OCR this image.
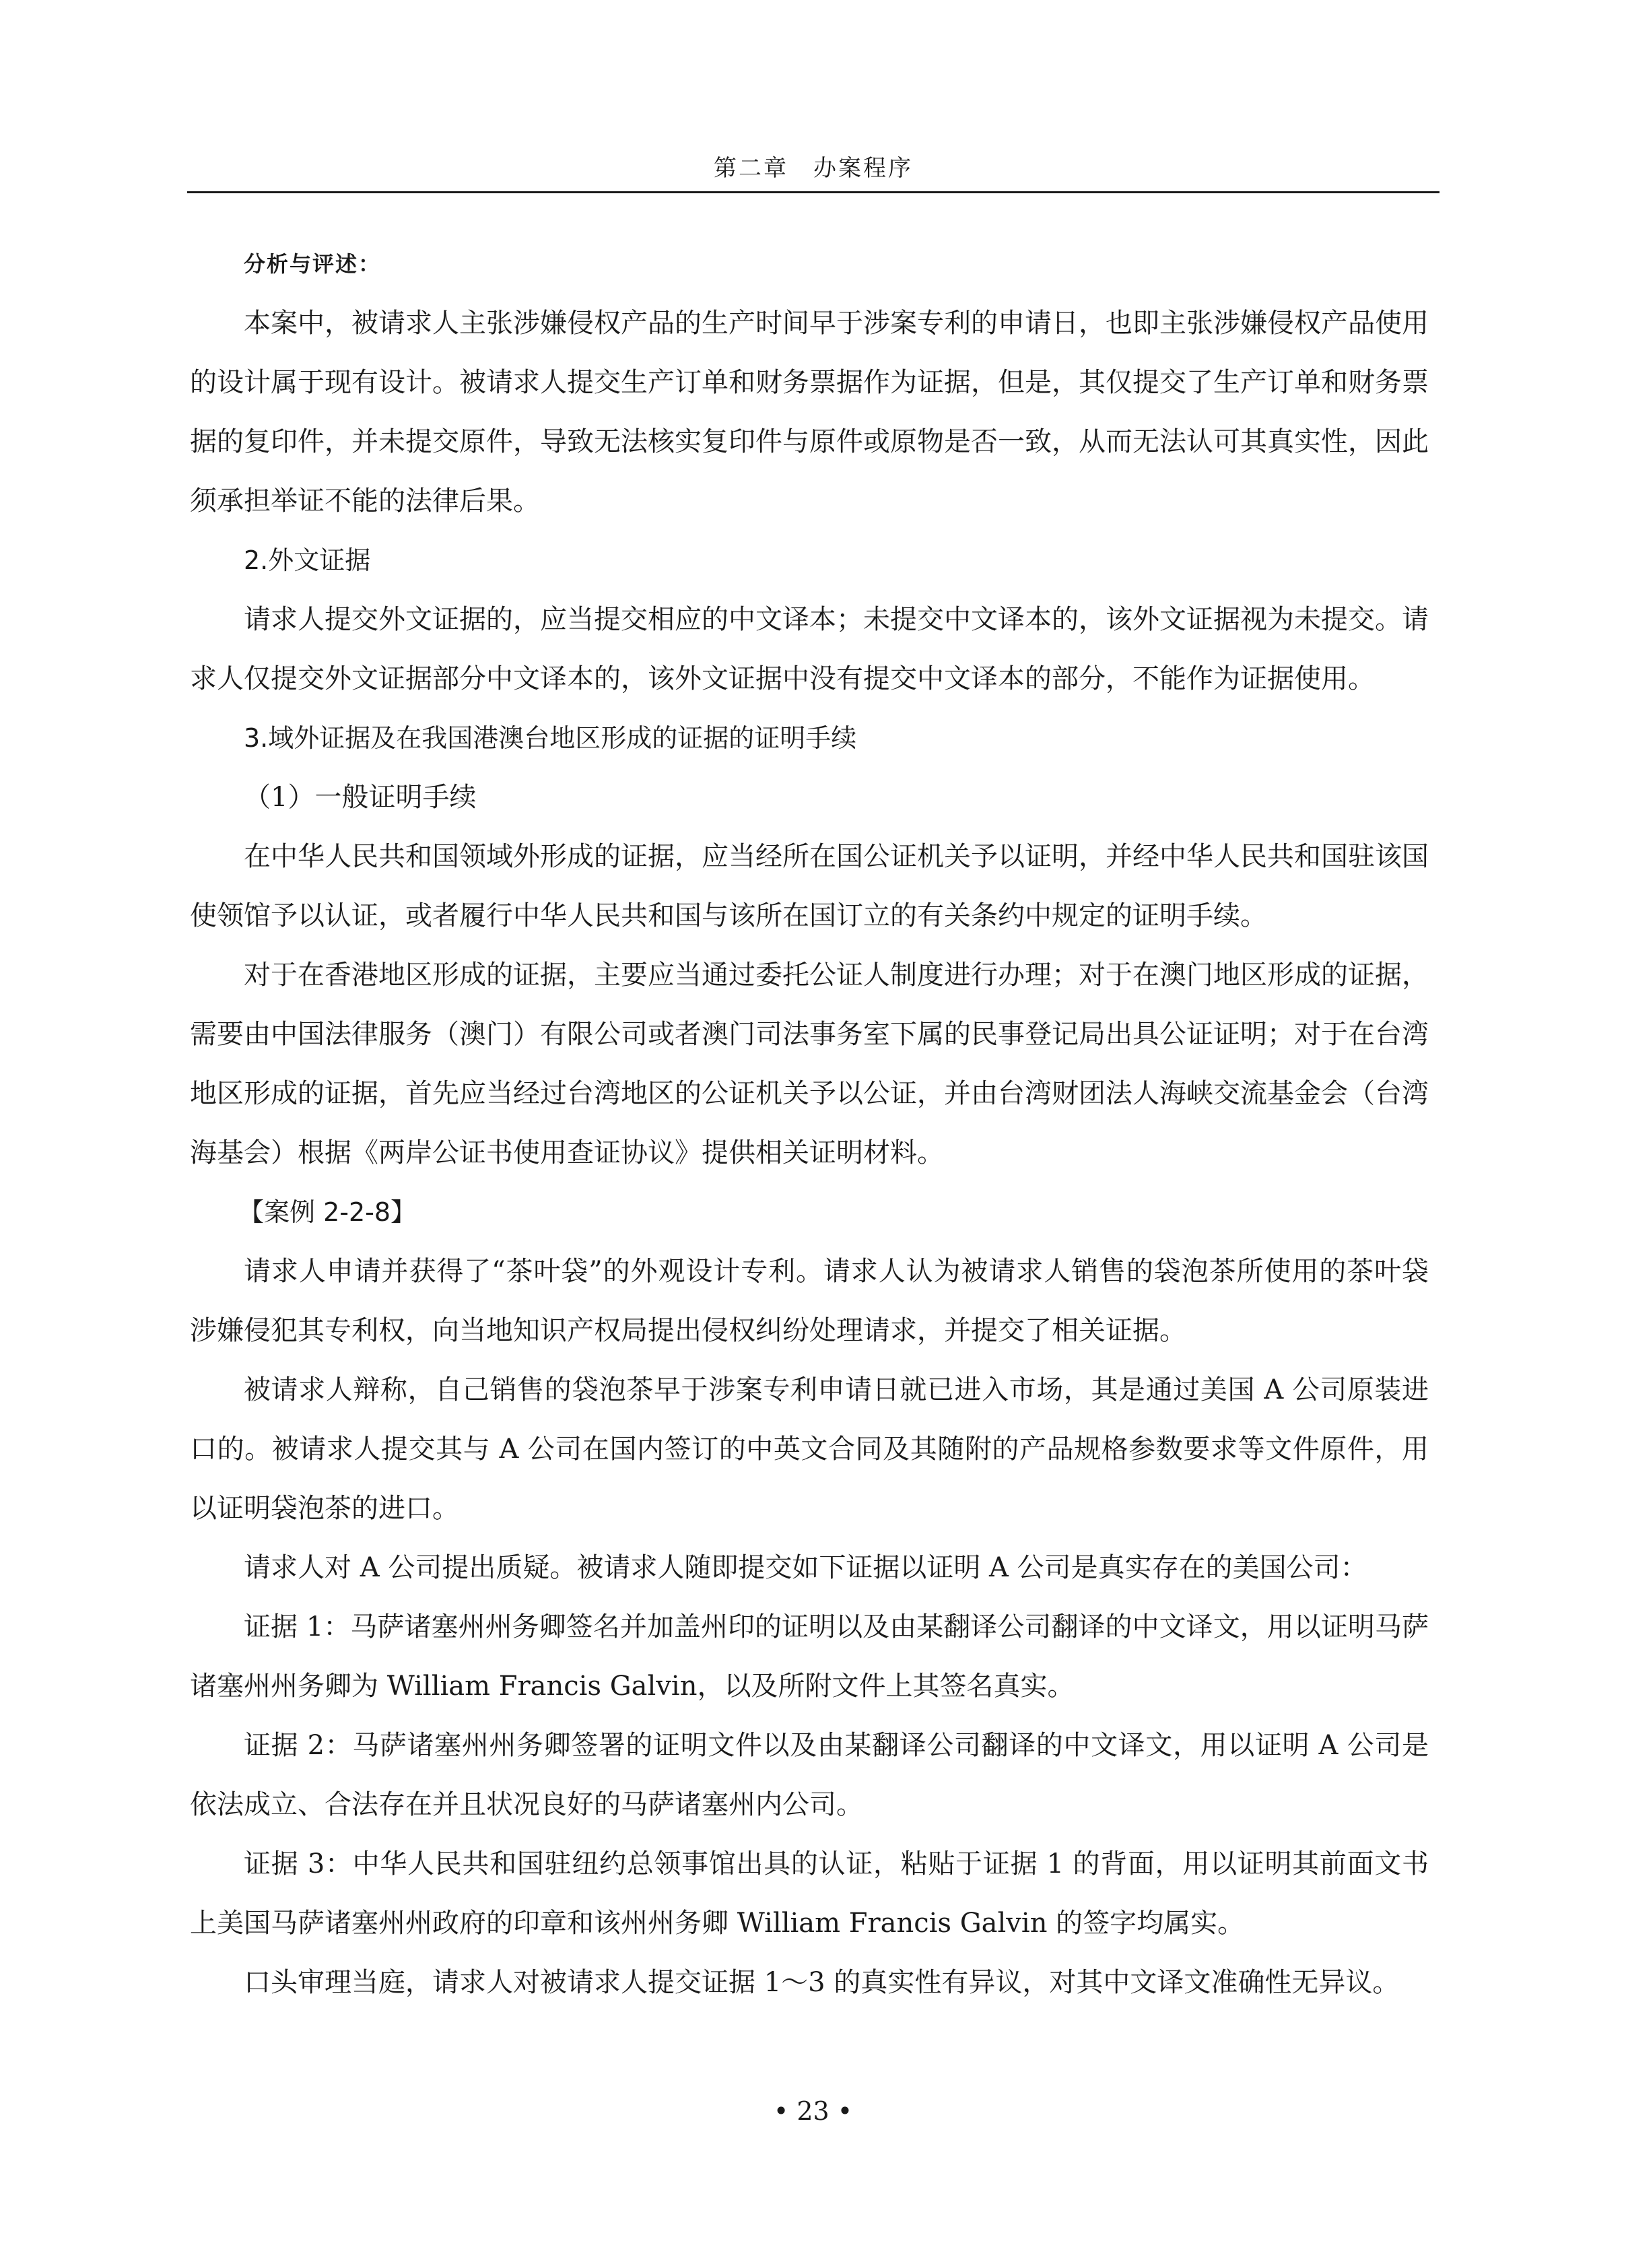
第二章　办案程序

分析与评述：

本案中，被请求人主张涉嫌侵权产品的生产时间早于涉案专利的申请日，也即主张涉嫌侵权产品使用的设计属于现有设计。被请求人提交生产订单和财务票据作为证据，但是，其仅提交了生产订单和财务票据的复印件，并未提交原件，导致无法核实复印件与原件或原物是否一致，从而无法认可其真实性，因此须承担举证不能的法律后果。

2.外文证据

请求人提交外文证据的，应当提交相应的中文译本；未提交中文译本的，该外文证据视为未提交。请求人仅提交外文证据部分中文译本的，该外文证据中没有提交中文译本的部分，不能作为证据使用。

3.域外证据及在我国港澳台地区形成的证据的证明手续

（1）一般证明手续

在中华人民共和国领域外形成的证据，应当经所在国公证机关予以证明，并经中华人民共和国驻该国使领馆予以认证，或者履行中华人民共和国与该所在国订立的有关条约中规定的证明手续。

对于在香港地区形成的证据，主要应当通过委托公证人制度进行办理；对于在澳门地区形成的证据，需要由中国法律服务（澳门）有限公司或者澳门司法事务室下属的民事登记局出具公证证明；对于在台湾地区形成的证据，首先应当经过台湾地区的公证机关予以公证，并由台湾财团法人海峡交流基金会（台湾海基会）根据《两岸公证书使用查证协议》提供相关证明材料。

【案例 2-2-8】

请求人申请并获得了“茶叶袋”的外观设计专利。请求人认为被请求人销售的袋泡茶所使用的茶叶袋涉嫌侵犯其专利权，向当地知识产权局提出侵权纠纷处理请求，并提交了相关证据。

被请求人辩称，自己销售的袋泡茶早于涉案专利申请日就已进入市场，其是通过美国 A 公司原装进口的。被请求人提交其与 A 公司在国内签订的中英文合同及其随附的产品规格参数要求等文件原件，用以证明袋泡茶的进口。

请求人对 A 公司提出质疑。被请求人随即提交如下证据以证明 A 公司是真实存在的美国公司：

证据 1：马萨诸塞州州务卿签名并加盖州印的证明以及由某翻译公司翻译的中文译文，用以证明马萨诸塞州州务卿为 William Francis Galvin，以及所附文件上其签名真实。

证据 2：马萨诸塞州州务卿签署的证明文件以及由某翻译公司翻译的中文译文，用以证明 A 公司是依法成立、合法存在并且状况良好的马萨诸塞州内公司。

证据 3：中华人民共和国驻纽约总领事馆出具的认证，粘贴于证据 1 的背面，用以证明其前面文书上美国马萨诸塞州州政府的印章和该州州务卿 William Francis Galvin 的签字均属实。

口头审理当庭，请求人对被请求人提交证据 1～3 的真实性有异议，对其中文译文准确性无异议。

• 23 •
